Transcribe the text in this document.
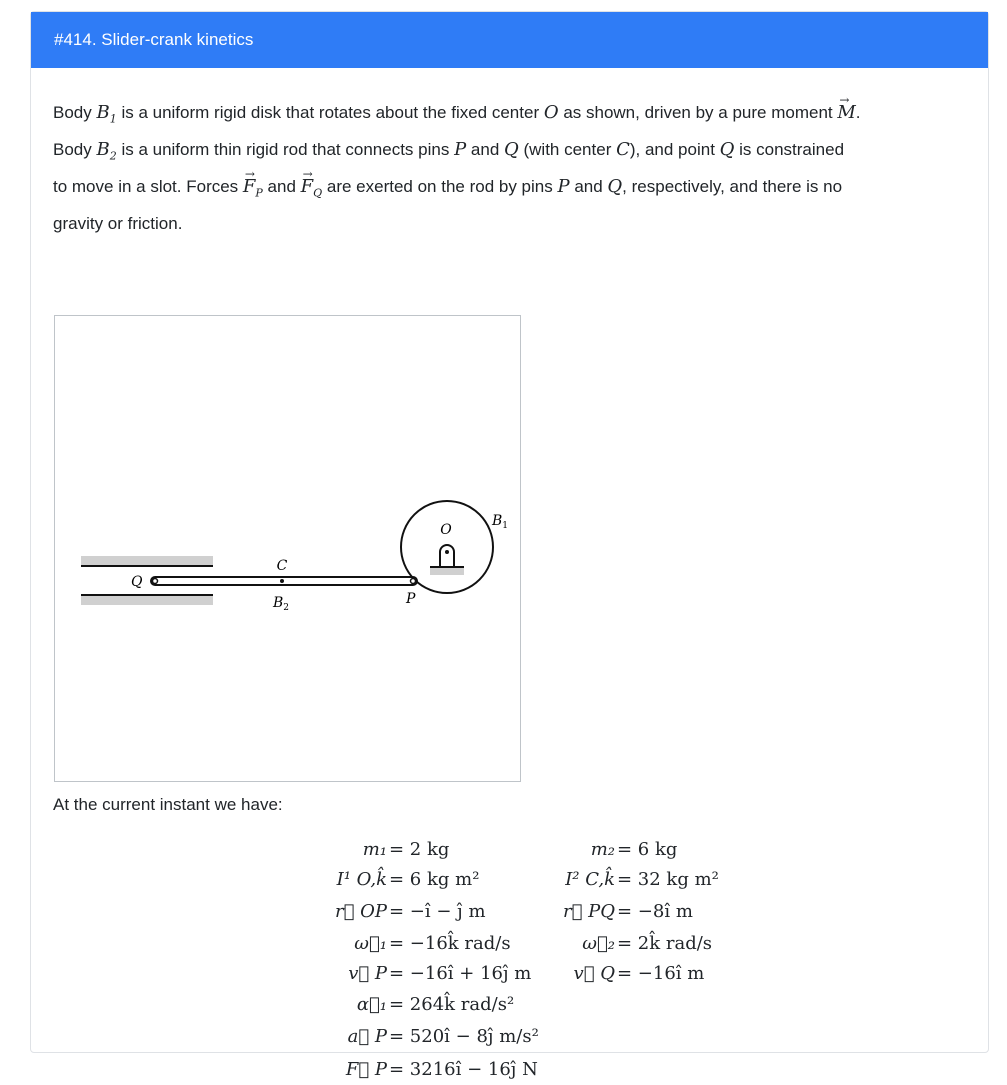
#414. Slider-crank kinetics

Body $B_1$ is a uniform rigid disk that rotates about the fixed center O as shown, driven by a pure moment → M.
Body $B_2$ is a uniform thin rigid rod that connects pins P and Q (with center C), and point Q is constrained
to move in a slot. Forces → $F_P$ and → $F_Q$ are exerted on the rod by pins P and Q, respectively, and there is no
gravity or friction.

O
$B_1$
C
Q
P
$B_2$
At the current instant we have:
m₁ = 2 kg
I¹ O,k̂ = 6 kg m²
r⃗ OP = −î − ĵ m
ω⃗₁ = −16k̂ rad/s
v⃗ P = −16î + 16ĵ m
α⃗₁ = 264k̂ rad/s²
a⃗ P = 520î − 8ĵ m/s²
F⃗ P = 3216î − 16ĵ N
m₂ = 6 kg
I² C,k̂ = 32 kg m²
r⃗ PQ = −8î m
ω⃗₂ = 2k̂ rad/s
v⃗ Q = −16î m
